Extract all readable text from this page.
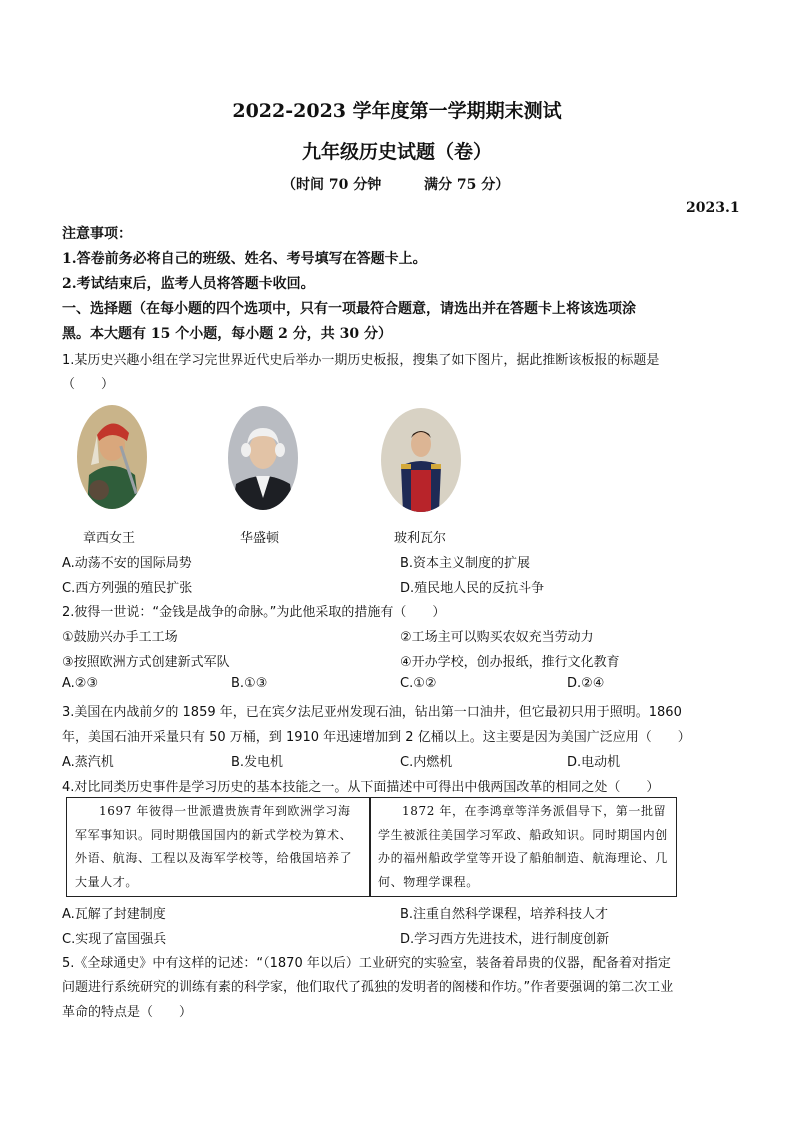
2022-2023 学年度第一学期期末测试
九年级历史试题（卷）
（时间 70 分钟	满分 75 分）
2023.1
注意事项：
1.答卷前务必将自己的班级、姓名、考号填写在答题卡上。
2.考试结束后，监考人员将答题卡收回。
一、选择题（在每小题的四个选项中，只有一项最符合题意，请选出并在答题卡上将该选项涂
黑。本大题有 15 个小题，每小题 2 分，共 30 分）
1.某历史兴趣小组在学习完世界近代史后举办一期历史板报，搜集了如下图片，据此推断该板报的标题是
（　　）
章西女王	华盛顿	玻利瓦尔
A.动荡不安的国际局势	B.资本主义制度的扩展
C.西方列强的殖民扩张	D.殖民地人民的反抗斗争
2.彼得一世说：“金钱是战争的命脉。”为此他采取的措施有（　　）
①鼓励兴办手工工场	②工场主可以购买农奴充当劳动力
③按照欧洲方式创建新式军队	④开办学校，创办报纸，推行文化教育
A.②③	B.①③	C.①②	D.②④
3.美国在内战前夕的 1859 年，已在宾夕法尼亚州发现石油，钻出第一口油井，但它最初只用于照明。1860
年，美国石油开采量只有 50 万桶，到 1910 年迅速增加到 2 亿桶以上。这主要是因为美国广泛应用（　　）
A.蒸汽机	B.发电机	C.内燃机	D.电动机
4.对比同类历史事件是学习历史的基本技能之一。从下面描述中可得出中俄两国改革的相同之处（　　）
1697 年彼得一世派遣贵族青年到欧洲学习海军军事知识。同时期俄国国内的新式学校为算术、外语、航海、工程以及海军学校等，给俄国培养了大量人才。
1872 年，在李鸿章等洋务派倡导下，第一批留学生被派往美国学习军政、船政知识。同时期国内创办的福州船政学堂等开设了船舶制造、航海理论、几何、物理学课程。
A.瓦解了封建制度	B.注重自然科学课程，培养科技人才
C.实现了富国强兵	D.学习西方先进技术，进行制度创新
5.《全球通史》中有这样的记述：“（1870 年以后）工业研究的实验室，装备着昂贵的仪器，配备着对指定
问题进行系统研究的训练有素的科学家，他们取代了孤独的发明者的阁楼和作坊。”作者要强调的第二次工业
革命的特点是（　　）
